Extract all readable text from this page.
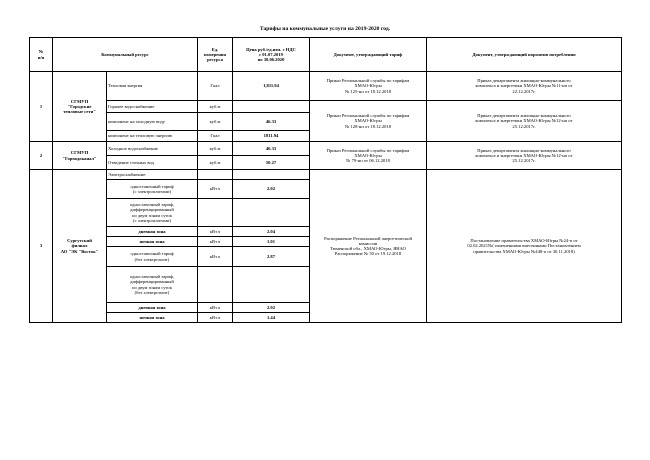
Тарифы на коммунальные услуги на 2019-2020 год.
№
п/п	Коммунальный ресурс		Ед.
измерения
ресурса	Цена руб./ед.изм. с НДС
с 01.07.2019
по 30.06.2020	Документ, утверждающий тариф	Документ, утверждающий норматив потребления
1	СГМУП
"Городские
тепловые сети"	Тепловая энергия	Гкал	1,811.94	Приказ Региональной службы по тарифам
ХМАО-Югры
№ 125-нп от 18.12.2018	Приказ департамента жилищно-коммунального
комплекса и энергетики ХМАО-Югры №11-нп от
22.12.2017г.
		Горячее водоснабжение	куб.м		Приказ Региональной службы по тарифам
ХМАО-Югры
№ 128-нп от 18.12.2018	Приказ департамента жилищно-коммунального
комплекса и энергетики ХМАО-Югры №12-нп от
25.12.2017г.
		компонент на холодную воду	куб.м	46.33		
		компонент на тепловую энергию	Гкал	1811.94		
2	СГМУП
"Горводоканал"	Холодное водоснабжение	куб.м	46.33	Приказ Региональной службы по тарифам
ХМАО-Югры
№ 79-нп от 06.12.2018	Приказ департамента жилищно-коммунального
комплекса и энергетики ХМАО-Югры №12-нп от
25.12.2017г.
		Отведение сточных вод	куб.м	50.27		
3	Сургутский
филиал
АО "ЭК "Восток"	Электроснабжение:			Распоряжение Региональной энергетической
комиссии
Тюменской обл., ХМАО-Югры, ЯНАО
Распоряжение № 50 от 19.12.2018	Постановление правительства ХМАО-Югры №24-п от
02.02.2021№( изменениями внесенными Постановлением
правительства ХМАО-Югры №448-п от 30.11.2018)
		одноставочный тариф
(с электроплитами)	кВт.ч	2.02		
		одноставочный тариф,
дифференцированный
по двум зонам суток
(с электроплитами)				
		дневная зона	кВт.ч	2.04		
		ночная зона	кВт.ч	1.01		
		одноставочный тариф
(без электроплит)	кВт.ч	2.87		
		одноставочный тариф,
дифференцированный
по двум зонам суток
(без электроплит)				
		дневная зона	кВт.ч	2.92		
		ночная зона	кВт.ч	1.44		
